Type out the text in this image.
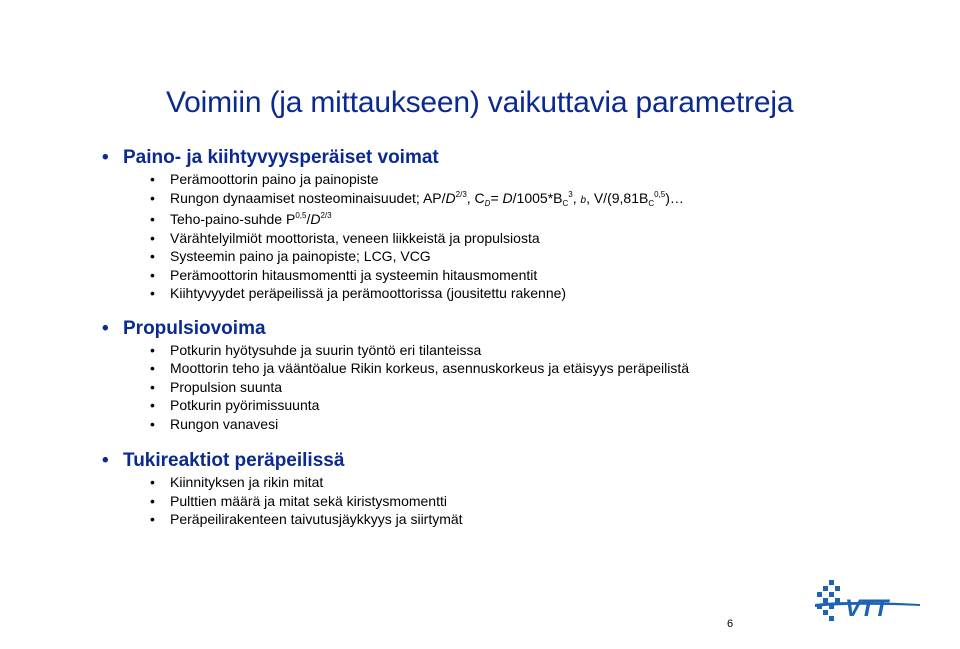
Voimiin (ja mittaukseen) vaikuttavia parametreja
• Paino- ja kiihtyvyysperäiset voimat
• Perämoottorin paino ja painopiste
• Rungon dynaamiset nosteominaisuudet; $AP/D^{2/3}$, $C_D= D/1005*B_C^3$, b, $V/(9,81B_C^{0,5})\dots$
• Teho-paino-suhde $P^{0,5}/D^{2/3}$
• Värähtelyilmiöt moottorista, veneen liikkeistä ja propulsiosta
• Systeemin paino ja painopiste; LCG, VCG
• Perämoottorin hitausmomentti ja systeemin hitausmomentit
• Kiihtyvyydet peräpeilissä ja perämoottorissa (jousitettu rakenne)
• Propulsiovoima
• Potkurin hyötysuhde ja suurin työntö eri tilanteissa
• Moottorin teho ja vääntöalue Rikin korkeus, asennuskorkeus ja etäisyys peräpeilistä
• Propulsion suunta
• Potkurin pyörimissuunta
• Rungon vanavesi
• Tukireaktiot peräpeilissä
• Kiinnityksen ja rikin mitat
• Pulttien määrä ja mitat sekä kiristysmomentti
• Peräpeilirakenteen taivutusjäykkyys ja siirtymät
VTT
6
